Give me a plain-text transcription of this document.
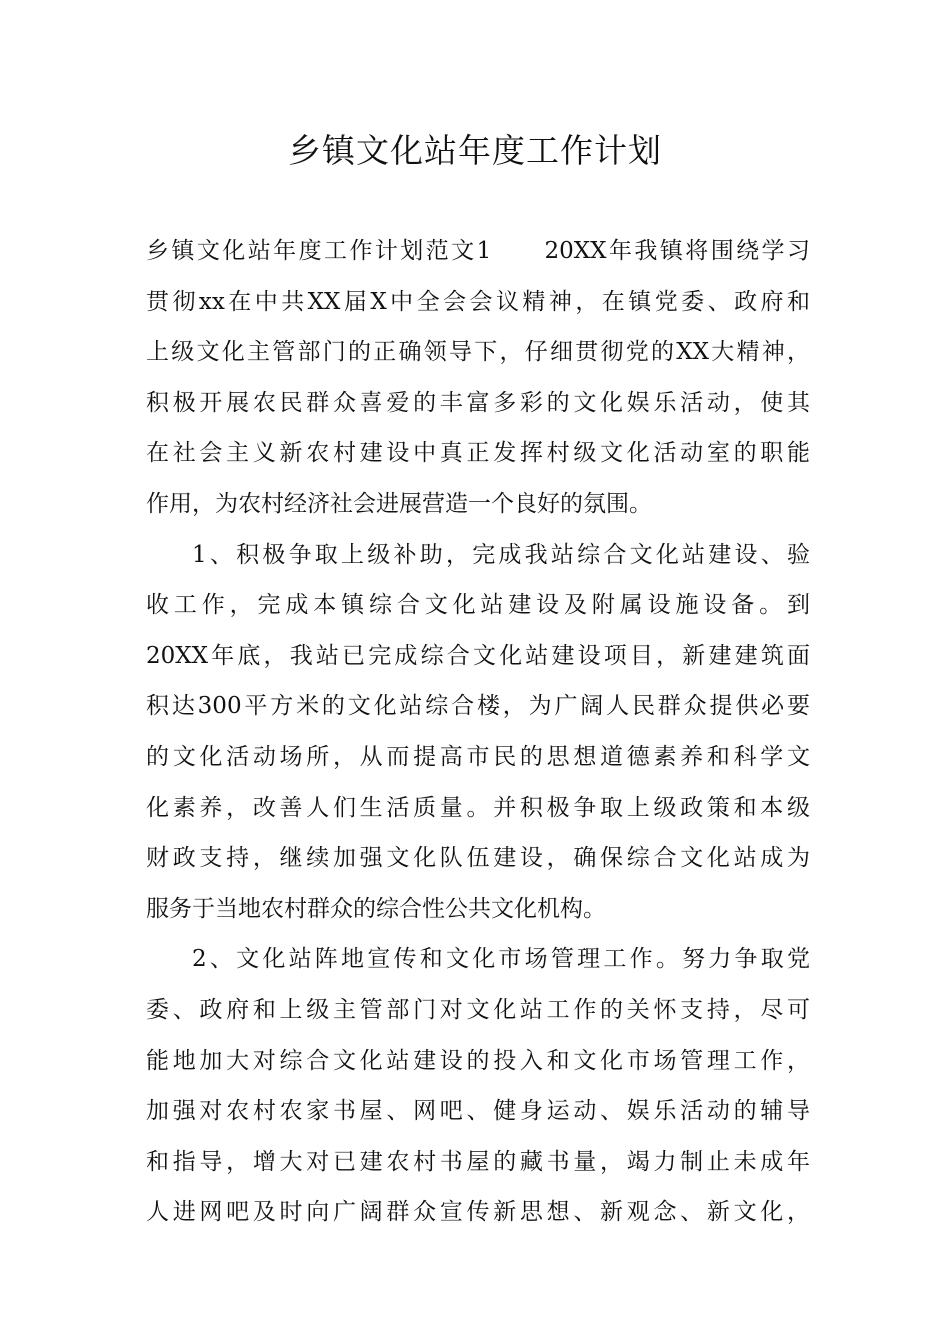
乡镇文化站年度工作计划
乡镇文化站年度工作计划范文1　　20XX年我镇将围绕学习
贯彻xx在中共XX届X中全会会议精神，在镇党委、政府和
上级文化主管部门的正确领导下，仔细贯彻党的XX大精神，
积极开展农民群众喜爱的丰富多彩的文化娱乐活动，使其
在社会主义新农村建设中真正发挥村级文化活动室的职能
作用，为农村经济社会进展营造一个良好的氛围。
1、积极争取上级补助，完成我站综合文化站建设、验
收工作，完成本镇综合文化站建设及附属设施设备。到
20XX年底，我站已完成综合文化站建设项目，新建建筑面
积达300平方米的文化站综合楼，为广阔人民群众提供必要
的文化活动场所，从而提高市民的思想道德素养和科学文
化素养，改善人们生活质量。并积极争取上级政策和本级
财政支持，继续加强文化队伍建设，确保综合文化站成为
服务于当地农村群众的综合性公共文化机构。
2、文化站阵地宣传和文化市场管理工作。努力争取党
委、政府和上级主管部门对文化站工作的关怀支持，尽可
能地加大对综合文化站建设的投入和文化市场管理工作，
加强对农村农家书屋、网吧、健身运动、娱乐活动的辅导
和指导，增大对已建农村书屋的藏书量，竭力制止未成年
人进网吧及时向广阔群众宣传新思想、新观念、新文化，
